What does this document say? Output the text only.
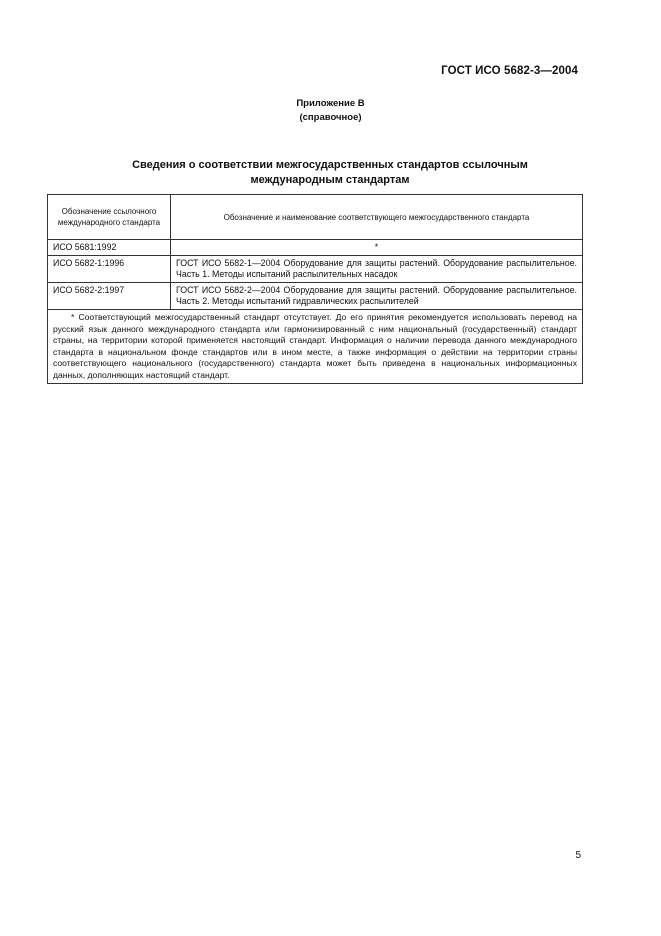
ГОСТ ИСО 5682-3—2004
Приложение В
(справочное)
Сведения о соответствии межгосударственных стандартов ссылочным
международным стандартам
Обозначение ссылочного международного стандарта	Обозначение и наименование соответствующего межгосударственного стандарта
ИСО 5681:1992	*
ИСО 5682-1:1996	ГОСТ ИСО 5682-1—2004 Оборудование для защиты растений. Оборудование распылительное. Часть 1. Методы испытаний распылительных насадок
ИСО 5682-2:1997	ГОСТ ИСО 5682-2—2004 Оборудование для защиты растений. Оборудование распылительное. Часть 2. Методы испытаний гидравлических распылителей

* Соответствующий межгосударственный стандарт отсутствует. До его принятия рекомендуется использовать перевод на русский язык данного международного стандарта или гармонизированный с ним национальный (государственный) стандарт страны, на территории которой применяется настоящий стандарт. Информация о наличии перевода данного международного стандарта в национальном фонде стандартов или в ином месте, а также информация о действии на территории страны соответствующего национального (государственного) стандарта может быть приведена в национальных информационных данных, дополняющих настоящий стандарт.	
5
